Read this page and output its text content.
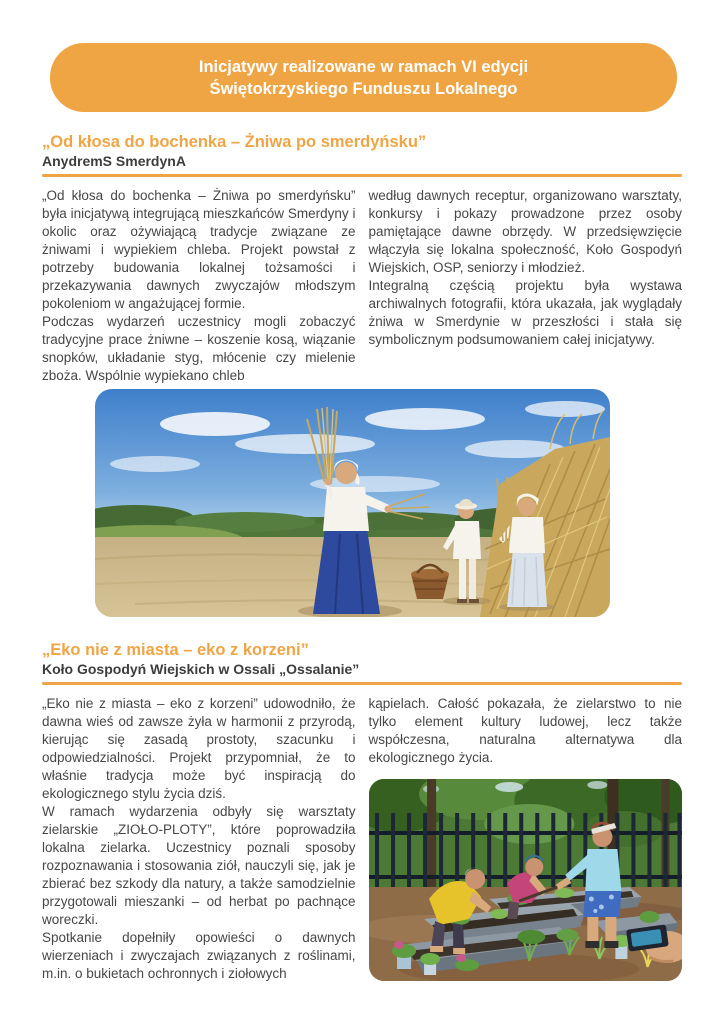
Inicjatywy realizowane w ramach VI edycji
Świętokrzyskiego Funduszu Lokalnego
„Od kłosa do bochenka – Żniwa po smerdyńsku”
AnydremS SmerdynA

„Od kłosa do bochenka – Żniwa po smerdyńsku” była inicjatywą integrującą mieszkańców Smerdyny i okolic oraz ożywiającą tradycje związane ze żniwami i wypiekiem chleba. Projekt powstał z potrzeby budowania lokalnej tożsamości i przekazywania dawnych zwyczajów młodszym pokoleniom w angażującej formie.

Podczas wydarzeń uczestnicy mogli zobaczyć tradycyjne prace żniwne – koszenie kosą, wiązanie snopków, układanie styg, młócenie czy mielenie zboża. Wspólnie wypiekano chleb

według dawnych receptur, organizowano warsztaty, konkursy i pokazy prowadzone przez osoby pamiętające dawne obrzędy. W przedsięwzięcie włączyła się lokalna społeczność, Koło Gospodyń Wiejskich, OSP, seniorzy i młodzież.

Integralną częścią projektu była wystawa archiwalnych fotografii, która ukazała, jak wyglądały żniwa w Smerdynie w przeszłości i stała się symbolicznym podsumowaniem całej inicjatywy.

„Eko nie z miasta – eko z korzeni”
Koło Gospodyń Wiejskich w Ossali „Ossalanie”

„Eko nie z miasta – eko z korzeni” udowodniło, że dawna wieś od zawsze żyła w harmonii z przyrodą, kierując się zasadą prostoty, szacunku i odpowiedzialności. Projekt przypomniał, że to właśnie tradycja może być inspiracją do ekologicznego stylu życia dziś.

W ramach wydarzenia odbyły się warsztaty zielarskie „ZIOŁO-PLOTY”, które poprowadziła lokalna zielarka. Uczestnicy poznali sposoby rozpoznawania i stosowania ziół, nauczyli się, jak je zbierać bez szkody dla natury, a także samodzielnie przygotowali mieszanki – od herbat po pachnące woreczki.

Spotkanie dopełniły opowieści o dawnych wierzeniach i zwyczajach związanych z roślinami, m.in. o bukietach ochronnych i ziołowych

kąpielach. Całość pokazała, że zielarstwo to nie tylko element kultury ludowej, lecz także współczesna, naturalna alternatywa dla ekologicznego życia.
